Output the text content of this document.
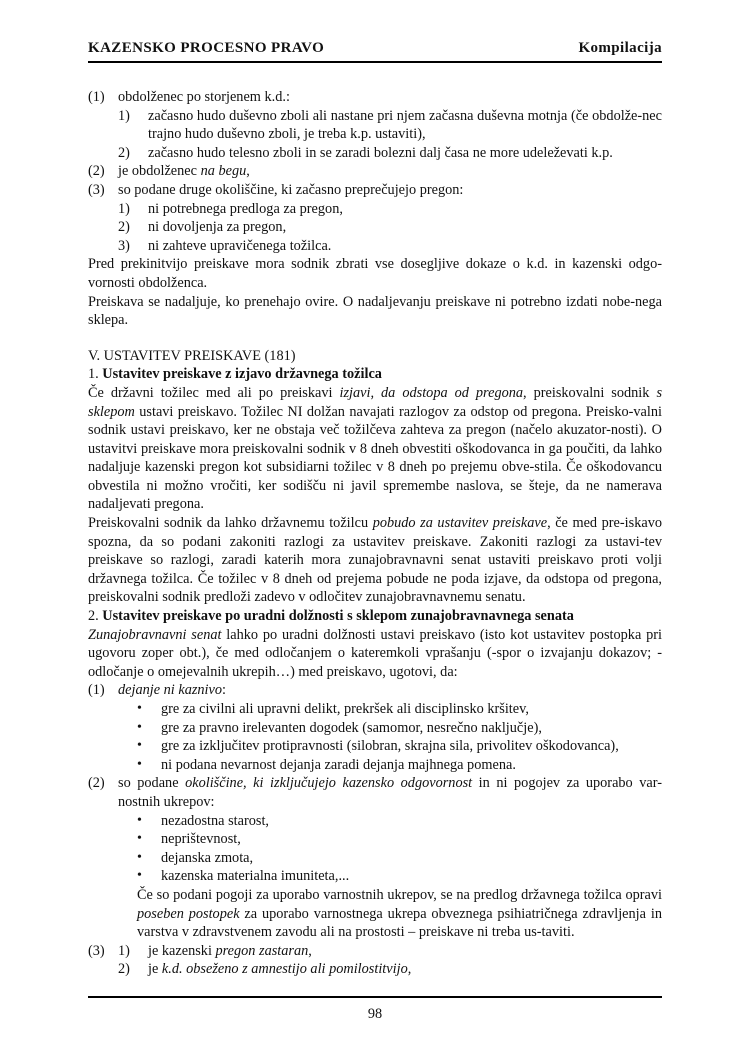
KAZENSKO PROCESNO PRAVO	Kompilacija
(1) obdolženec po storjenem k.d.:
1) začasno hudo duševno zboli ali nastane pri njem začasna duševna motnja (če obdolže-nec trajno hudo duševno zboli, je treba k.p. ustaviti),
2) začasno hudo telesno zboli in se zaradi bolezni dalj časa ne more udeleževati k.p.
(2) je obdolženec na begu,
(3) so podane druge okoliščine, ki začasno preprečujejo pregon:
1) ni potrebnega predloga za pregon,
2) ni dovoljenja za pregon,
3) ni zahteve upravičenega tožilca.
Pred prekinitvijo preiskave mora sodnik zbrati vse dosegljive dokaze o k.d. in kazenski odgo-vornosti obdolženca.
Preiskava se nadaljuje, ko prenehajo ovire. O nadaljevanju preiskave ni potrebno izdati nobe-nega sklepa.
V. USTAVITEV PREISKAVE (181)
1. Ustavitev preiskave z izjavo državnega tožilca
Če državni tožilec med ali po preiskavi izjavi, da odstopa od pregona, preiskovalni sodnik s sklepom ustavi preiskavo. Tožilec NI dolžan navajati razlogov za odstop od pregona. Preisko-valni sodnik ustavi preiskavo, ker ne obstaja več tožilčeva zahteva za pregon (načelo akuzator-nosti). O ustavitvi preiskave mora preiskovalni sodnik v 8 dneh obvestiti oškodovanca in ga poučiti, da lahko nadaljuje kazenski pregon kot subsidiarni tožilec v 8 dneh po prejemu obve-stila. Če oškodovancu obvestila ni možno vročiti, ker sodišču ni javil spremembe naslova, se šteje, da ne namerava nadaljevati pregona.
Preiskovalni sodnik da lahko državnemu tožilcu pobudo za ustavitev preiskave, če med pre-iskavo spozna, da so podani zakoniti razlogi za ustavitev preiskave. Zakoniti razlogi za ustavi-tev preiskave so razlogi, zaradi katerih mora zunajobravnavni senat ustaviti preiskavo proti volji državnega tožilca. Če tožilec v 8 dneh od prejema pobude ne poda izjave, da odstopa od pregona, preiskovalni sodnik predloži zadevo v odločitev zunajobravnavnemu senatu.
2. Ustavitev preiskave po uradni dolžnosti s sklepom zunajobravnavnega senata
Zunajobravnavni senat lahko po uradni dolžnosti ustavi preiskavo (isto kot ustavitev postopka pri ugovoru zoper obt.), če med odločanjem o kateremkoli vprašanju (-spor o izvajanju dokazov; -odločanje o omejevalnih ukrepih…) med preiskavo, ugotovi, da:
(1) dejanje ni kaznivo:
• gre za civilni ali upravni delikt, prekršek ali disciplinsko kršitev,
• gre za pravno irelevanten dogodek (samomor, nesrečno naključje),
• gre za izključitev protipravnosti (silobran, skrajna sila, privolitev oškodovanca),
• ni podana nevarnost dejanja zaradi dejanja majhnega pomena.
(2) so podane okoliščine, ki izključujejo kazensko odgovornost in ni pogojev za uporabo var-nostnih ukrepov:
• nezadostna starost,
• neprištevnost,
• dejanska zmota,
• kazenska materialna imuniteta,...
Če so podani pogoji za uporabo varnostnih ukrepov, se na predlog državnega tožilca opravi poseben postopek za uporabo varnostnega ukrepa obveznega psihiatričnega zdravljenja in varstva v zdravstvenem zavodu ali na prostosti – preiskave ni treba us-taviti.
(3) 1) je kazenski pregon zastaran,
2) je k.d. obseženo z amnestijo ali pomilostitvijo,
98
